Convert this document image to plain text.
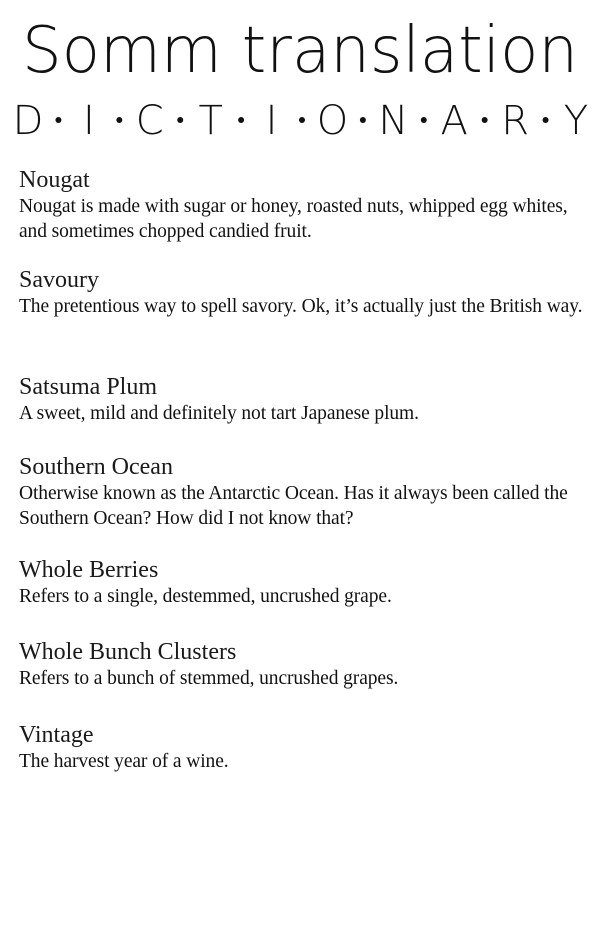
Somm translation
D I C T I O N A R Y

Nougat

Nougat is made with sugar or honey, roasted nuts, whipped egg whites, and sometimes chopped candied fruit.

Savoury

The pretentious way to spell savory. Ok, it’s actually just the British way.

Satsuma Plum

A sweet, mild and definitely not tart Japanese plum.

Southern Ocean

Otherwise known as the Antarctic Ocean. Has it always been called the Southern Ocean? How did I not know that?

Whole Berries

Refers to a single, destemmed, uncrushed grape.

Whole Bunch Clusters

Refers to a bunch of stemmed, uncrushed grapes.

Vintage

The harvest year of a wine.
